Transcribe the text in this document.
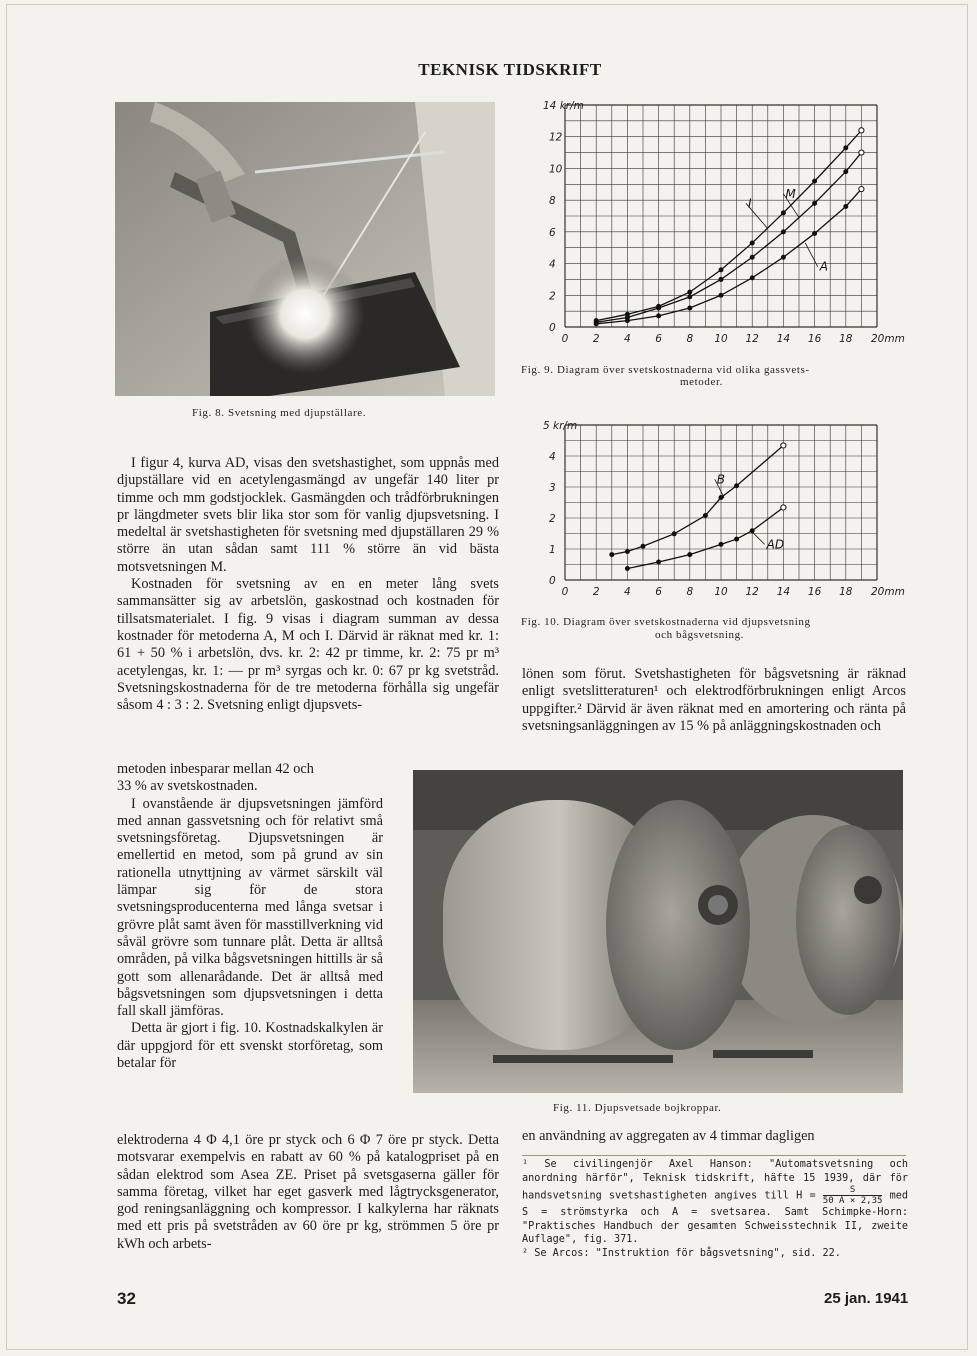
TEKNISK TIDSKRIFT
Fig. 8. Svetsning med djupställare.
0 2 4 6 8 10 12 14 16 18 20mm
0
2
4
6
8
10
12
14 kr/m
I
M
A
Fig. 9. Diagram över svetskostnaderna vid olika gassvets-
metoder.
0 2 4 6 8 10 12 14 16 18 20mm
0
1
2
3
4
5 kr/m
B
AD
Fig. 10. Diagram över svetskostnaderna vid djupsvetsning
och bågsvetsning.

I figur 4, kurva AD, visas den svetshastighet, som uppnås med djupställare vid en acetylengasmängd av ungefär 140 liter pr timme och mm godstjocklek. Gasmängden och trådförbrukningen pr längdmeter svets blir lika stor som för vanlig djupsvetsning. I medeltal är svetshastigheten för svetsning med djupställaren 29 % större än utan sådan samt 111 % större än vid bästa motsvetsningen M.

Kostnaden för svetsning av en en meter lång svets sammansätter sig av arbetslön, gaskostnad och kostnaden för tillsatsmaterialet. I fig. 9 visas i diagram summan av dessa kostnader för metoderna A, M och I. Därvid är räknat med kr. 1: 61 + 50 % i arbetslön, dvs. kr. 2: 42 pr timme, kr. 2: 75 pr m³ acetylengas, kr. 1: — pr m³ syrgas och kr. 0: 67 pr kg svetstråd. Svetsningskostnaderna för de tre metoderna förhålla sig ungefär såsom 4 : 3 : 2. Svetsning enligt djupsvets-

metoden inbesparar mellan 42 och

33 % av svetskostnaden.

I ovanstående är djupsvetsningen jämförd med annan gassvetsning och för relativt små svetsningsföretag. Djupsvetsningen är emellertid en metod, som på grund av sin rationella utnyttjning av värmet särskilt väl lämpar sig för de stora svetsningsproducenterna med långa svetsar i grövre plåt samt även för masstillverkning vid såväl grövre som tunnare plåt. Detta är alltså områden, på vilka bågsvetsningen hittills är så gott som allenarådande. Det är alltså med bågsvetsningen som djupsvetsningen i detta fall skall jämföras.

Detta är gjort i fig. 10. Kostnadskalkylen är där uppgjord för ett svenskt storföretag, som betalar för

elektroderna 4 Φ 4,1 öre pr styck och 6 Φ 7 öre pr styck. Detta motsvarar exempelvis en rabatt av 60 % på katalogpriset på en sådan elektrod som Asea ZE. Priset på svetsgaserna gäller för samma företag, vilket har eget gasverk med lågtrycksgenerator, god reningsanläggning och kompressor. I kalkylerna har räknats med ett pris på svetstråden av 60 öre pr kg, strömmen 5 öre pr kWh och arbets-

lönen som förut. Svetshastigheten för bågsvetsning är räknad enligt svetslitteraturen¹ och elektrodförbrukningen enligt Arcos uppgifter.² Därvid är även räknat med en amortering och ränta på svetsningsanläggningen av 15 % på anläggningskostnaden och

Fig. 11. Djupsvetsade bojkroppar.

en användning av aggregaten av 4 timmar dagligen

¹ Se civilingenjör Axel Hanson: "Automatsvetsning och anordning härför", Teknisk tidskrift, häfte 15 1939, där för handsvetsning svetshastigheten angives till $H = \frac{S}{50 A \times 2,35}$ med S = strömstyrka och A = svetsarea. Samt Schimpke-Horn: "Praktisches Handbuch der gesamten Schweisstechnik II, zweite Auflage", fig. 371.

² Se Arcos: "Instruktion för bågsvetsning", sid. 22.

32	25 jan. 1941
